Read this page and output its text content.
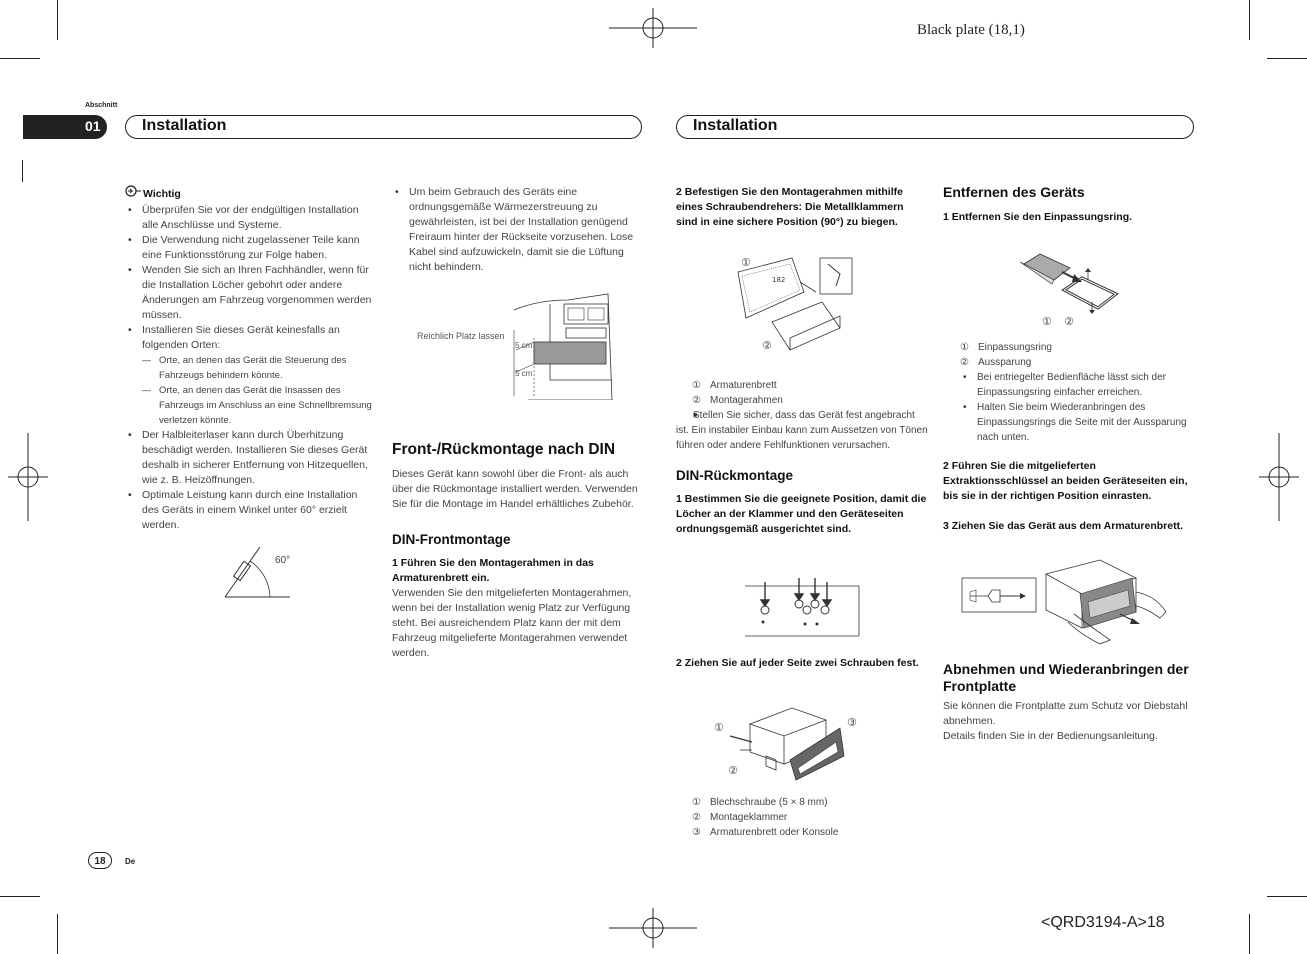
Black plate (18,1)
<QRD3194-A>18
Abschnitt
01	Installation	Installation
Wichtig
• Überprüfen Sie vor der endgültigen Installation alle Anschlüsse und Systeme.
• Die Verwendung nicht zugelassener Teile kann eine Funktionsstörung zur Folge haben.
• Wenden Sie sich an Ihren Fachhändler, wenn für die Installation Löcher gebohrt oder andere Änderungen am Fahrzeug vorgenommen werden müssen.
• Installieren Sie dieses Gerät keinesfalls an folgenden Orten:
— Orte, an denen das Gerät die Steuerung des Fahrzeugs behindern könnte.
— Orte, an denen das Gerät die Insassen des Fahrzeugs im Anschluss an eine Schnellbremsung verletzen könnte.
• Der Halbleiterlaser kann durch Überhitzung beschädigt werden. Installieren Sie dieses Gerät deshalb in sicherer Entfernung von Hitzequellen, wie z. B. Heizöffnungen.
• Optimale Leistung kann durch eine Installation des Geräts in einem Winkel unter 60° erzielt werden.
60°
• Um beim Gebrauch des Geräts eine ordnungsgemäße Wärmezerstreuung zu gewährleisten, ist bei der Installation genügend Freiraum hinter der Rückseite vorzusehen. Lose Kabel sind aufzuwickeln, damit sie die Lüftung nicht behindern.
Reichlich Platz lassen
5 cm
5 cm
Front-/Rückmontage nach DIN

Dieses Gerät kann sowohl über die Front- als auch über die Rückmontage installiert werden. Verwenden Sie für die Montage im Handel erhältliches Zubehör.

DIN-Frontmontage
1 Führen Sie den Montagerahmen in das Armaturenbrett ein.

Verwenden Sie den mitgelieferten Montagerahmen, wenn bei der Installation wenig Platz zur Verfügung steht. Bei ausreichendem Platz kann der mit dem Fahrzeug mitgelieferte Montagerahmen verwendet werden.

2 Befestigen Sie den Montagerahmen mithilfe eines Schraubendrehers: Die Metallklammern sind in eine sichere Position (90°) zu biegen.
①
②
182
① Armaturenbrett
② Montagerahmen
■ Stellen Sie sicher, dass das Gerät fest angebracht ist. Ein instabiler Einbau kann zum Aussetzen von Tönen führen oder andere Fehlfunktionen verursachen.
DIN-Rückmontage
1 Bestimmen Sie die geeignete Position, damit die Löcher an der Klammer und den Geräteseiten ordnungsgemäß ausgerichtet sind.
2 Ziehen Sie auf jeder Seite zwei Schrauben fest.
①
②
③
① Blechschraube (5 × 8 mm)
② Montageklammer
③ Armaturenbrett oder Konsole
Entfernen des Geräts
1 Entfernen Sie den Einpassungsring.
① ②
① Einpassungsring
② Aussparung
• Bei entriegelter Bedienfläche lässt sich der Einpassungsring einfacher erreichen.
• Halten Sie beim Wiederanbringen des Einpassungsrings die Seite mit der Aussparung nach unten.
2 Führen Sie die mitgelieferten Extraktionsschlüssel an beiden Geräteseiten ein, bis sie in der richtigen Position einrasten.
3 Ziehen Sie das Gerät aus dem Armaturenbrett.
Abnehmen und Wiederanbringen der Frontplatte

Sie können die Frontplatte zum Schutz vor Diebstahl abnehmen.

Details finden Sie in der Bedienungsanleitung.

18	De
